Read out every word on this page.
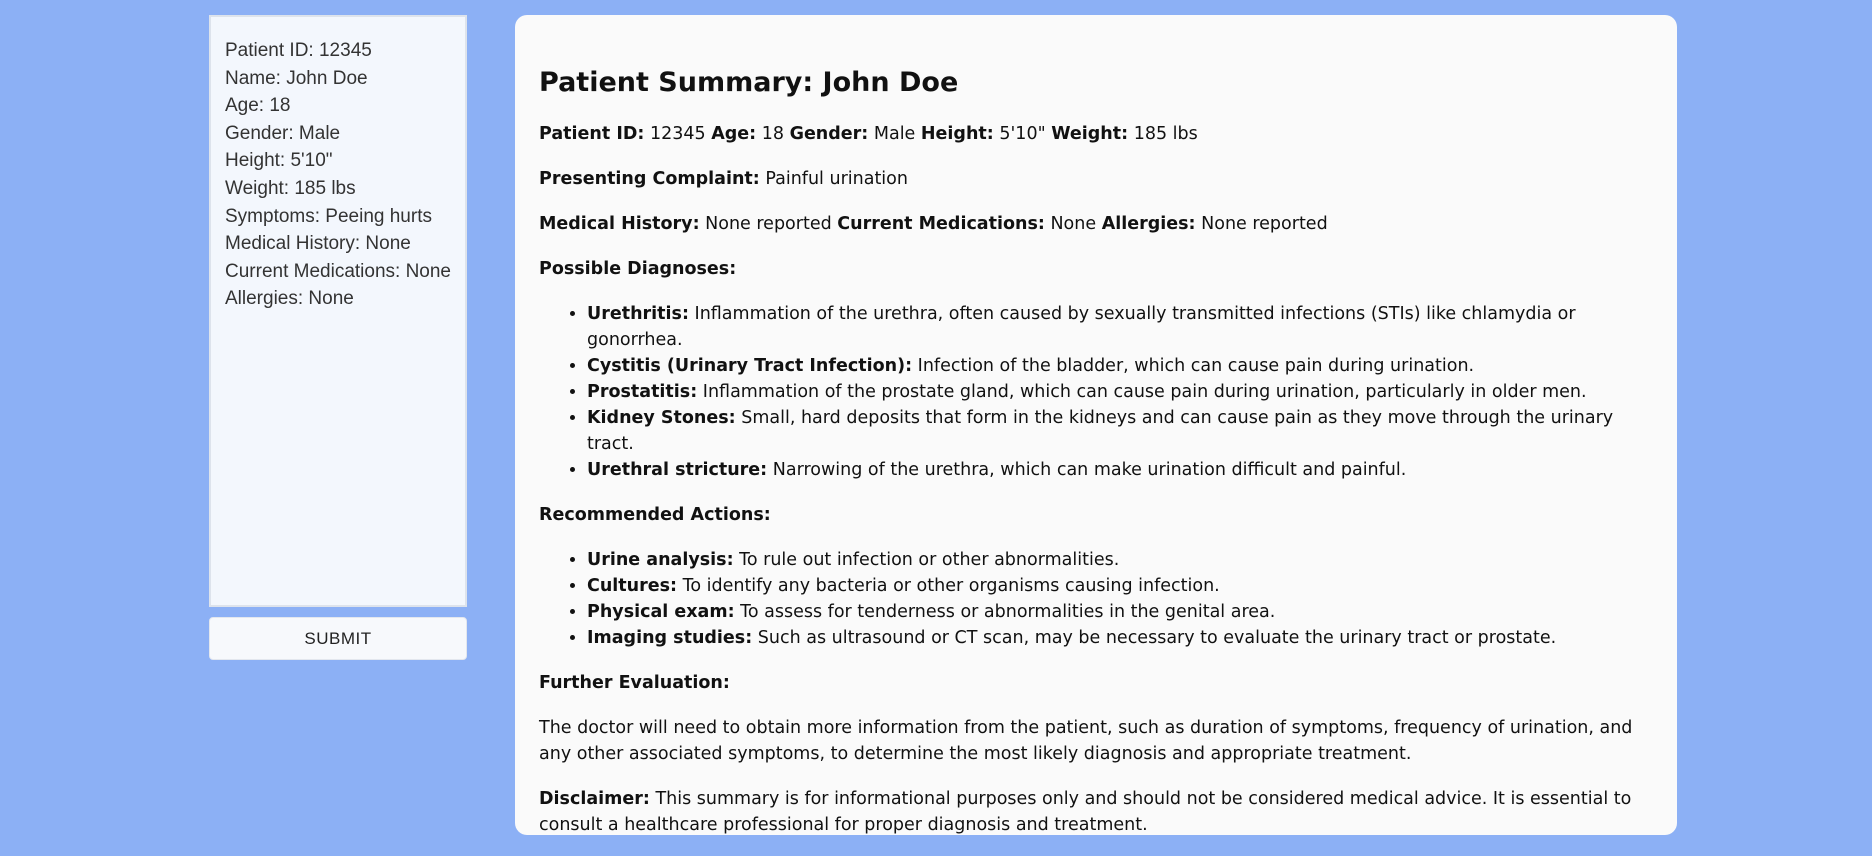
Patient ID: 12345
Name: John Doe
Age: 18
Gender: Male
Height: 5'10"
Weight: 185 lbs
Symptoms: Peeing hurts
Medical History: None
Current Medications: None
Allergies: None
SUBMIT
Patient Summary: John Doe

Patient ID: 12345 Age: 18 Gender: Male Height: 5'10" Weight: 185 lbs

Presenting Complaint: Painful urination

Medical History: None reported Current Medications: None Allergies: None reported

Possible Diagnoses:

• Urethritis: Inflammation of the urethra, often caused by sexually transmitted infections (STIs) like chlamydia or gonorrhea.
• Cystitis (Urinary Tract Infection): Infection of the bladder, which can cause pain during urination.
• Prostatitis: Inflammation of the prostate gland, which can cause pain during urination, particularly in older men.
• Kidney Stones: Small, hard deposits that form in the kidneys and can cause pain as they move through the urinary tract.
• Urethral stricture: Narrowing of the urethra, which can make urination difficult and painful.

Recommended Actions:

• Urine analysis: To rule out infection or other abnormalities.
• Cultures: To identify any bacteria or other organisms causing infection.
• Physical exam: To assess for tenderness or abnormalities in the genital area.
• Imaging studies: Such as ultrasound or CT scan, may be necessary to evaluate the urinary tract or prostate.

Further Evaluation:

The doctor will need to obtain more information from the patient, such as duration of symptoms, frequency of urination, and any other associated symptoms, to determine the most likely diagnosis and appropriate treatment.

Disclaimer: This summary is for informational purposes only and should not be considered medical advice. It is essential to consult a healthcare professional for proper diagnosis and treatment.
